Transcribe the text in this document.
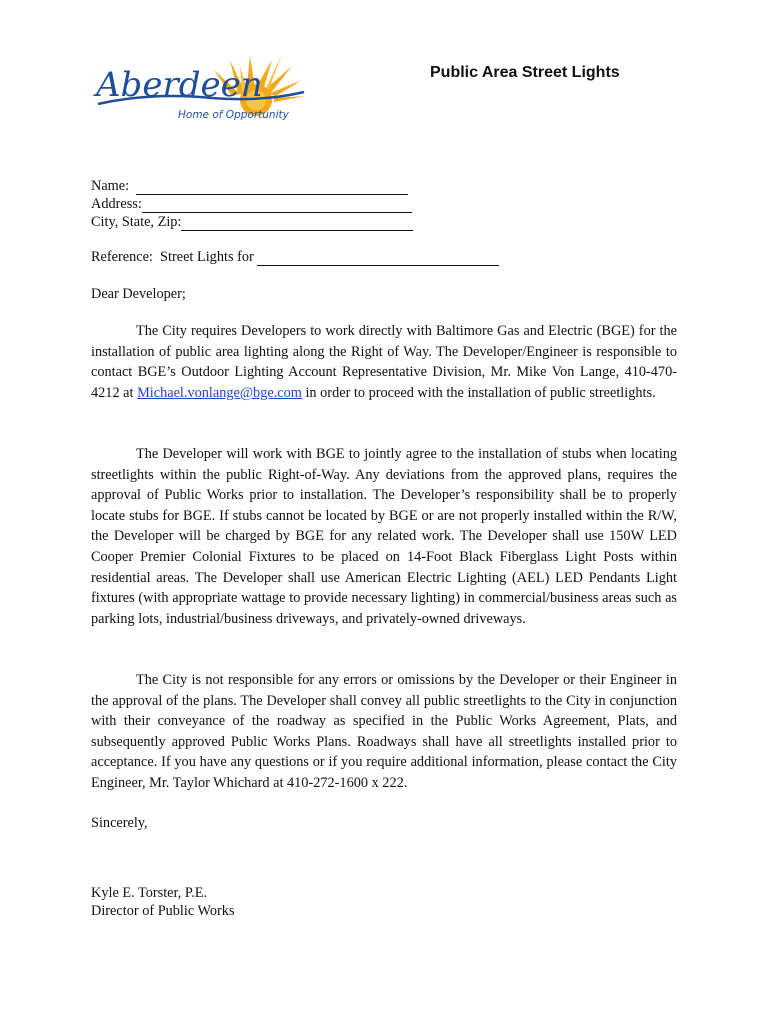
Aberdeen
Home of Opportunity
Public Area Street Lights
Name:

Address:
City, State, Zip:
Reference:  Street Lights for

Dear Developer;

The City requires Developers to work directly with Baltimore Gas and Electric (BGE) for the installation of public area lighting along the Right of Way. The Developer/Engineer is responsible to contact BGE’s Outdoor Lighting Account Representative Division, Mr. Mike Von Lange, 410-470-4212 at Michael.vonlange@bge.com in order to proceed with the installation of public streetlights.

The Developer will work with BGE to jointly agree to the installation of stubs when locating streetlights within the public Right-of-Way. Any deviations from the approved plans, requires the approval of Public Works prior to installation. The Developer’s responsibility shall be to properly locate stubs for BGE. If stubs cannot be located by BGE or are not properly installed within the R/W, the Developer will be charged by BGE for any related work. The Developer shall use 150W LED Cooper Premier Colonial Fixtures to be placed on 14-Foot Black Fiberglass Light Posts within residential areas. The Developer shall use American Electric Lighting (AEL) LED Pendants Light fixtures (with appropriate wattage to provide necessary lighting) in commercial/business areas such as parking lots, industrial/business driveways, and privately-owned driveways.

The City is not responsible for any errors or omissions by the Developer or their Engineer in the approval of the plans. The Developer shall convey all public streetlights to the City in conjunction with their conveyance of the roadway as specified in the Public Works Agreement, Plats, and subsequently approved Public Works Plans. Roadways shall have all streetlights installed prior to acceptance. If you have any questions or if you require additional information, please contact the City Engineer, Mr. Taylor Whichard at 410-272-1600 x 222.

Sincerely,
Kyle E. Torster, P.E.
Director of Public Works
